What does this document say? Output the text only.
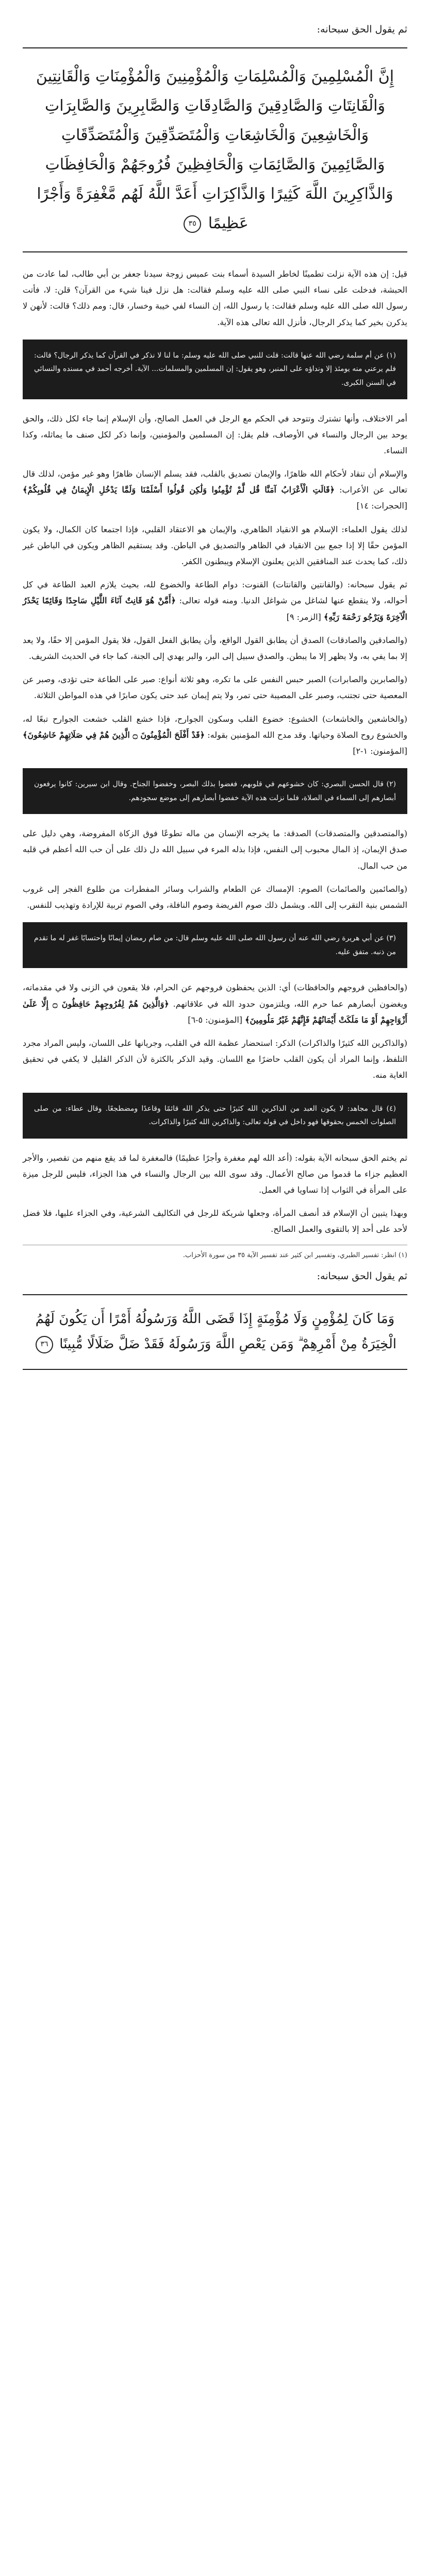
ثم يقول الحق سبحانه:
إِنَّ الْمُسْلِمِينَ وَالْمُسْلِمَاتِ وَالْمُؤْمِنِينَ وَالْمُؤْمِنَاتِ وَالْقَانِتِينَ وَالْقَانِتَاتِ وَالصَّادِقِينَ وَالصَّادِقَاتِ وَالصَّابِرِينَ وَالصَّابِرَاتِ وَالْخَاشِعِينَ وَالْخَاشِعَاتِ وَالْمُتَصَدِّقِينَ وَالْمُتَصَدِّقَاتِ وَالصَّائِمِينَ وَالصَّائِمَاتِ وَالْحَافِظِينَ فُرُوجَهُمْ وَالْحَافِظَاتِ وَالذَّاكِرِينَ اللَّهَ كَثِيرًا وَالذَّاكِرَاتِ أَعَدَّ اللَّهُ لَهُم مَّغْفِرَةً وَأَجْرًا عَظِيمًا ٣٥

قيل: إن هذه الآية نزلت تطمينًا لخاطر السيدة أسماء بنت عميس زوجة سيدنا جعفر بن أبي طالب، لما عادت من الحبشة، فدخلت على نساء النبي صلى الله عليه وسلم فقالت: هل نزل فينا شيء من القرآن؟ قلن: لا، فأتت رسول الله صلى الله عليه وسلم فقالت: يا رسول الله، إن النساء لفي خيبة وخسار، قال: ومم ذلك؟ قالت: لأنهن لا يذكرن بخير كما يذكر الرجال، فأنزل الله تعالى هذه الآية.

(١) عن أم سلمة رضي الله عنها قالت: قلت للنبي صلى الله عليه وسلم: ما لنا لا نذكر في القرآن كما يذكر الرجال؟ قالت: فلم يرعني منه يومئذ إلا ونداؤه على المنبر، وهو يقول: إن المسلمين والمسلمات... الآية. أخرجه أحمد في مسنده والنسائي في السنن الكبرى.

أمر الاختلاف، وأنها تشترك وتتوحد في الحكم مع الرجل في العمل الصالح، وأن الإسلام إنما جاء لكل ذلك، والحق يوحد بين الرجال والنساء في الأوصاف، فلم يقل: إن المسلمين والمؤمنين، وإنما ذكر لكل صنف ما يماثله، وكذا النساء.

والإسلام أن تنقاد لأحكام الله ظاهرًا، والإيمان تصديق بالقلب، فقد يسلم الإنسان ظاهرًا وهو غير مؤمن، لذلك قال تعالى عن الأعراب: ﴿قَالَتِ الْأَعْرَابُ آمَنَّا قُل لَّمْ تُؤْمِنُوا وَلَٰكِن قُولُوا أَسْلَمْنَا وَلَمَّا يَدْخُلِ الْإِيمَانُ فِي قُلُوبِكُمْ﴾ [الحجرات: ١٤]

لذلك يقول العلماء: الإسلام هو الانقياد الظاهري، والإيمان هو الاعتقاد القلبي، فإذا اجتمعا كان الكمال، ولا يكون المؤمن حقًا إلا إذا جمع بين الانقياد في الظاهر والتصديق في الباطن. وقد يستقيم الظاهر ويكون في الباطن غير ذلك، كما يحدث عند المنافقين الذين يعلنون الإسلام ويبطنون الكفر.

ثم يقول سبحانه: (والقانتين والقانتات) القنوت: دوام الطاعة والخضوع لله، بحيث يلازم العبد الطاعة في كل أحواله، ولا ينقطع عنها لشاغل من شواغل الدنيا. ومنه قوله تعالى: ﴿أَمَّنْ هُوَ قَانِتٌ آنَاءَ اللَّيْلِ سَاجِدًا وَقَائِمًا يَحْذَرُ الْآخِرَةَ وَيَرْجُو رَحْمَةَ رَبِّهِ﴾ [الزمر: ٩]

(والصادقين والصادقات) الصدق أن يطابق القول الواقع، وأن يطابق الفعل القول، فلا يقول المؤمن إلا حقًا، ولا يعد إلا بما يفي به، ولا يظهر إلا ما يبطن. والصدق سبيل إلى البر، والبر يهدي إلى الجنة، كما جاء في الحديث الشريف.

(والصابرين والصابرات) الصبر حبس النفس على ما تكره، وهو ثلاثة أنواع: صبر على الطاعة حتى تؤدى، وصبر عن المعصية حتى تجتنب، وصبر على المصيبة حتى تمر، ولا يتم إيمان عبد حتى يكون صابرًا في هذه المواطن الثلاثة.

(والخاشعين والخاشعات) الخشوع: خضوع القلب وسكون الجوارح، فإذا خشع القلب خشعت الجوارح تبعًا له، والخشوع روح الصلاة وحياتها. وقد مدح الله المؤمنين بقوله: ﴿قَدْ أَفْلَحَ الْمُؤْمِنُونَ ۝ الَّذِينَ هُمْ فِي صَلَاتِهِمْ خَاشِعُونَ﴾ [المؤمنون: ١-٢]

(٢) قال الحسن البصري: كان خشوعهم في قلوبهم، فغضوا بذلك البصر، وخفضوا الجناح. وقال ابن سيرين: كانوا يرفعون أبصارهم إلى السماء في الصلاة، فلما نزلت هذه الآية خفضوا أبصارهم إلى موضع سجودهم.

(والمتصدقين والمتصدقات) الصدقة: ما يخرجه الإنسان من ماله تطوعًا فوق الزكاة المفروضة، وهي دليل على صدق الإيمان، إذ المال محبوب إلى النفس، فإذا بذله المرء في سبيل الله دل ذلك على أن حب الله أعظم في قلبه من حب المال.

(والصائمين والصائمات) الصوم: الإمساك عن الطعام والشراب وسائر المفطرات من طلوع الفجر إلى غروب الشمس بنية التقرب إلى الله. ويشمل ذلك صوم الفريضة وصوم النافلة، وفي الصوم تربية للإرادة وتهذيب للنفس.

(٣) عن أبي هريرة رضي الله عنه أن رسول الله صلى الله عليه وسلم قال: من صام رمضان إيمانًا واحتسابًا غفر له ما تقدم من ذنبه. متفق عليه.

(والحافظين فروجهم والحافظات) أي: الذين يحفظون فروجهم عن الحرام، فلا يقعون في الزنى ولا في مقدماته، ويغضون أبصارهم عما حرم الله، ويلتزمون حدود الله في علاقاتهم. ﴿وَالَّذِينَ هُمْ لِفُرُوجِهِمْ حَافِظُونَ ۝ إِلَّا عَلَىٰ أَزْوَاجِهِمْ أَوْ مَا مَلَكَتْ أَيْمَانُهُمْ فَإِنَّهُمْ غَيْرُ مَلُومِينَ﴾ [المؤمنون: ٥-٦]

(والذاكرين الله كثيرًا والذاكرات) الذكر: استحضار عظمة الله في القلب، وجريانها على اللسان، وليس المراد مجرد التلفظ، وإنما المراد أن يكون القلب حاضرًا مع اللسان. وقيد الذكر بالكثرة لأن الذكر القليل لا يكفي في تحقيق الغاية منه.

(٤) قال مجاهد: لا يكون العبد من الذاكرين الله كثيرًا حتى يذكر الله قائمًا وقاعدًا ومضطجعًا. وقال عطاء: من صلى الصلوات الخمس بحقوقها فهو داخل في قوله تعالى: والذاكرين الله كثيرًا والذاكرات.

ثم يختم الحق سبحانه الآية بقوله: (أعد الله لهم مغفرة وأجرًا عظيمًا) فالمغفرة لما قد يقع منهم من تقصير، والأجر العظيم جزاء ما قدموا من صالح الأعمال. وقد سوى الله بين الرجال والنساء في هذا الجزاء، فليس للرجل ميزة على المرأة في الثواب إذا تساويا في العمل.

وبهذا يتبين أن الإسلام قد أنصف المرأة، وجعلها شريكة للرجل في التكاليف الشرعية، وفي الجزاء عليها، فلا فضل لأحد على أحد إلا بالتقوى والعمل الصالح.

(١) انظر: تفسير الطبري، وتفسير ابن كثير عند تفسير الآية ٣٥ من سورة الأحزاب.
ثم يقول الحق سبحانه:
وَمَا كَانَ لِمُؤْمِنٍ وَلَا مُؤْمِنَةٍ إِذَا قَضَى اللَّهُ وَرَسُولُهُ أَمْرًا أَن يَكُونَ لَهُمُ الْخِيَرَةُ مِنْ أَمْرِهِمْ ۗ وَمَن يَعْصِ اللَّهَ وَرَسُولَهُ فَقَدْ ضَلَّ ضَلَالًا مُّبِينًا ٣٦
